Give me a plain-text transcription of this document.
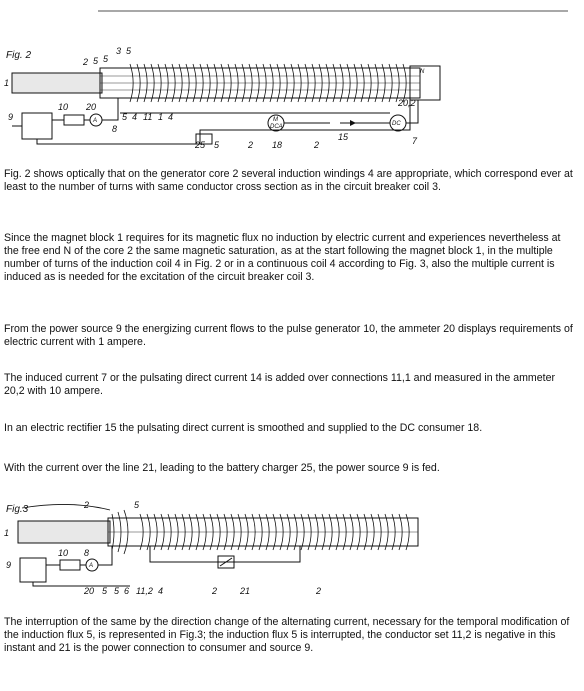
Fig. 2
N
A	M
DCA	DC
2 5 5
3 5
1
10 20
9
8
5 4 11 1 4
25 5	2 18	2
15
20,2
7

Fig. 2 shows optically that on the generator core 2 several induction windings 4 are appropriate, which correspond ever at least to the number of turns with same conductor cross section as in the circuit breaker coil 3.

Since the magnet block 1 requires for its magnetic flux no induction by electric current and experiences nevertheless at the free end N of the core 2 the same magnetic saturation, as at the start following the magnet block 1, in the multiple number of turns of the induction coil 4 in Fig. 2 or in a continuous coil 4 according to Fig. 3, also the multiple current is induced as is needed for the excitation of the circuit breaker coil 3.

From the power source 9 the energizing current flows to the pulse generator 10, the ammeter 20 displays requirements of electric current with 1 ampere.

The induced current 7 or the pulsating direct current 14 is added over connections 11,1 and measured in the ammeter 20,2 with 10 ampere.

In an electric rectifier 15 the pulsating direct current is smoothed and supplied to the DC consumer 18.

With the current over the line 21, leading to the battery charger 25, the power source 9 is fed.

Fig.3
A
2	5
1
10 8
9
20 5 5 6 11,2 4	2	21	2

The interruption of the same by the direction change of the alternating current, necessary for the temporal modification of the induction flux 5, is represented in Fig.3; the induction flux 5 is interrupted, the conductor set 11,2 is negative in this instant and 21 is the power connection to consumer and source 9.
